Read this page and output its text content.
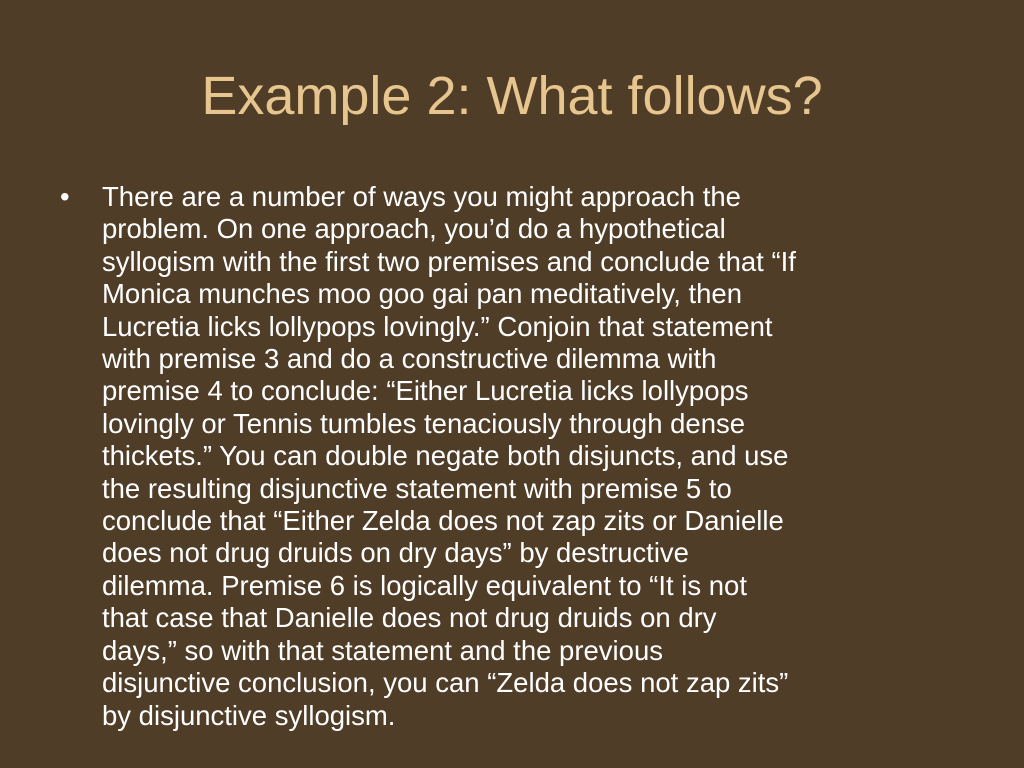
Example 2: What follows?
•	There are a number of ways you might approach the
problem. On one approach, you’d do a hypothetical
syllogism with the first two premises and conclude that “If
Monica munches moo goo gai pan meditatively, then
Lucretia licks lollypops lovingly.” Conjoin that statement
with premise 3 and do a constructive dilemma with
premise 4 to conclude: “Either Lucretia licks lollypops
lovingly or Tennis tumbles tenaciously through dense
thickets.” You can double negate both disjuncts, and use
the resulting disjunctive statement with premise 5 to
conclude that “Either Zelda does not zap zits or Danielle
does not drug druids on dry days” by destructive
dilemma. Premise 6 is logically equivalent to “It is not
that case that Danielle does not drug druids on dry
days,” so with that statement and the previous
disjunctive conclusion, you can “Zelda does not zap zits”
by disjunctive syllogism.
